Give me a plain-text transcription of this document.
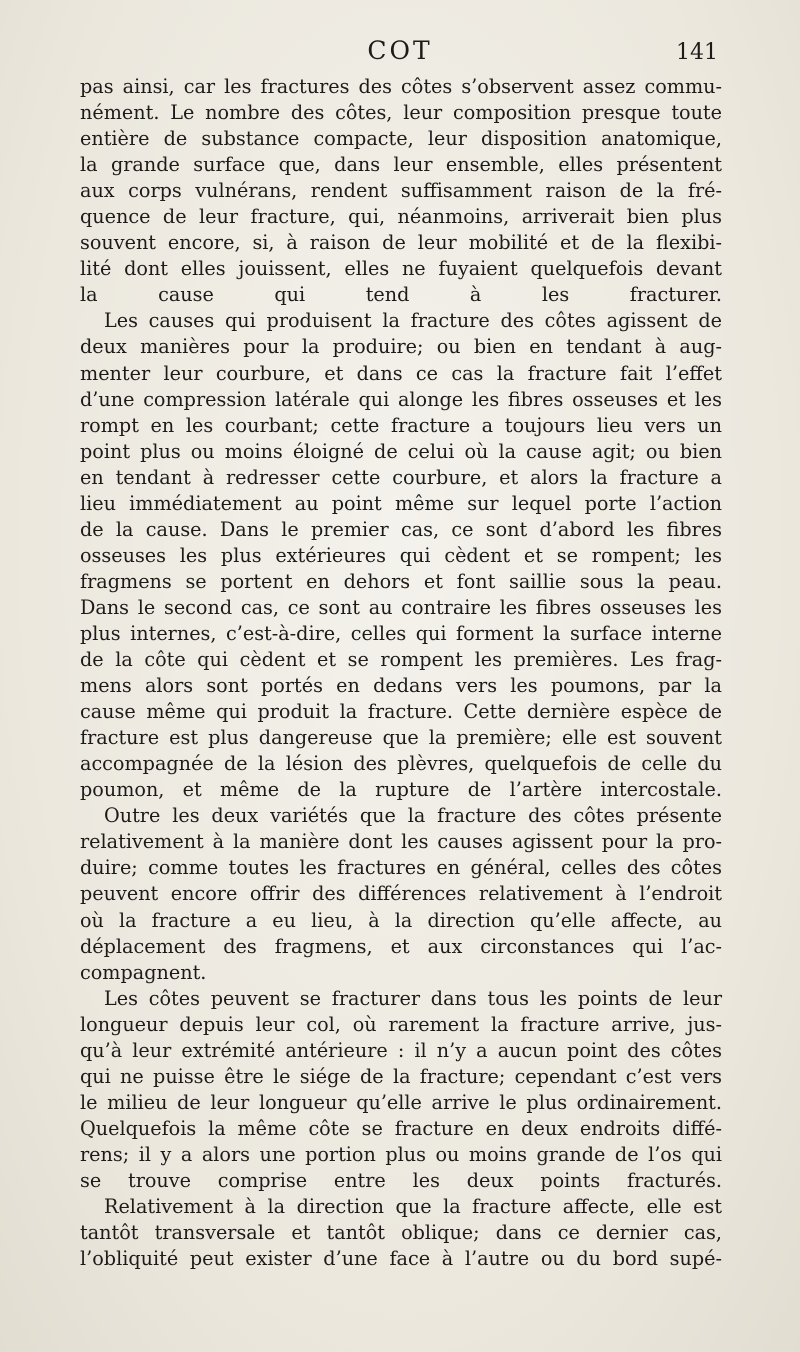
COT	141

pas ainsi, car les fractures des côtes s’observent assez commu-

nément. Le nombre des côtes, leur composition presque toute

entière de substance compacte, leur disposition anatomique,

la grande surface que, dans leur ensemble, elles présentent

aux corps vulnérans, rendent suffisamment raison de la fré-

quence de leur fracture, qui, néanmoins, arriverait bien plus

souvent encore, si, à raison de leur mobilité et de la flexibi-

lité dont elles jouissent, elles ne fuyaient quelquefois devant

la cause qui tend à les fracturer.

Les causes qui produisent la fracture des côtes agissent de

deux manières pour la produire; ou bien en tendant à aug-

menter leur courbure, et dans ce cas la fracture fait l’effet

d’une compression latérale qui alonge les fibres osseuses et les

rompt en les courbant; cette fracture a toujours lieu vers un

point plus ou moins éloigné de celui où la cause agit; ou bien

en tendant à redresser cette courbure, et alors la fracture a

lieu immédiatement au point même sur lequel porte l’action

de la cause. Dans le premier cas, ce sont d’abord les fibres

osseuses les plus extérieures qui cèdent et se rompent; les

fragmens se portent en dehors et font saillie sous la peau.

Dans le second cas, ce sont au contraire les fibres osseuses les

plus internes, c’est-à-dire, celles qui forment la surface interne

de la côte qui cèdent et se rompent les premières. Les frag-

mens alors sont portés en dedans vers les poumons, par la

cause même qui produit la fracture. Cette dernière espèce de

fracture est plus dangereuse que la première; elle est souvent

accompagnée de la lésion des plèvres, quelquefois de celle du

poumon, et même de la rupture de l’artère intercostale.

Outre les deux variétés que la fracture des côtes présente

relativement à la manière dont les causes agissent pour la pro-

duire; comme toutes les fractures en général, celles des côtes

peuvent encore offrir des différences relativement à l’endroit

où la fracture a eu lieu, à la direction qu’elle affecte, au

déplacement des fragmens, et aux circonstances qui l’ac-

compagnent.

Les côtes peuvent se fracturer dans tous les points de leur

longueur depuis leur col, où rarement la fracture arrive, jus-

qu’à leur extrémité antérieure : il n’y a aucun point des côtes

qui ne puisse être le siége de la fracture; cependant c’est vers

le milieu de leur longueur qu’elle arrive le plus ordinairement.

Quelquefois la même côte se fracture en deux endroits diffé-

rens; il y a alors une portion plus ou moins grande de l’os qui

se trouve comprise entre les deux points fracturés.

Relativement à la direction que la fracture affecte, elle est

tantôt transversale et tantôt oblique; dans ce dernier cas,

l’obliquité peut exister d’une face à l’autre ou du bord supé-
